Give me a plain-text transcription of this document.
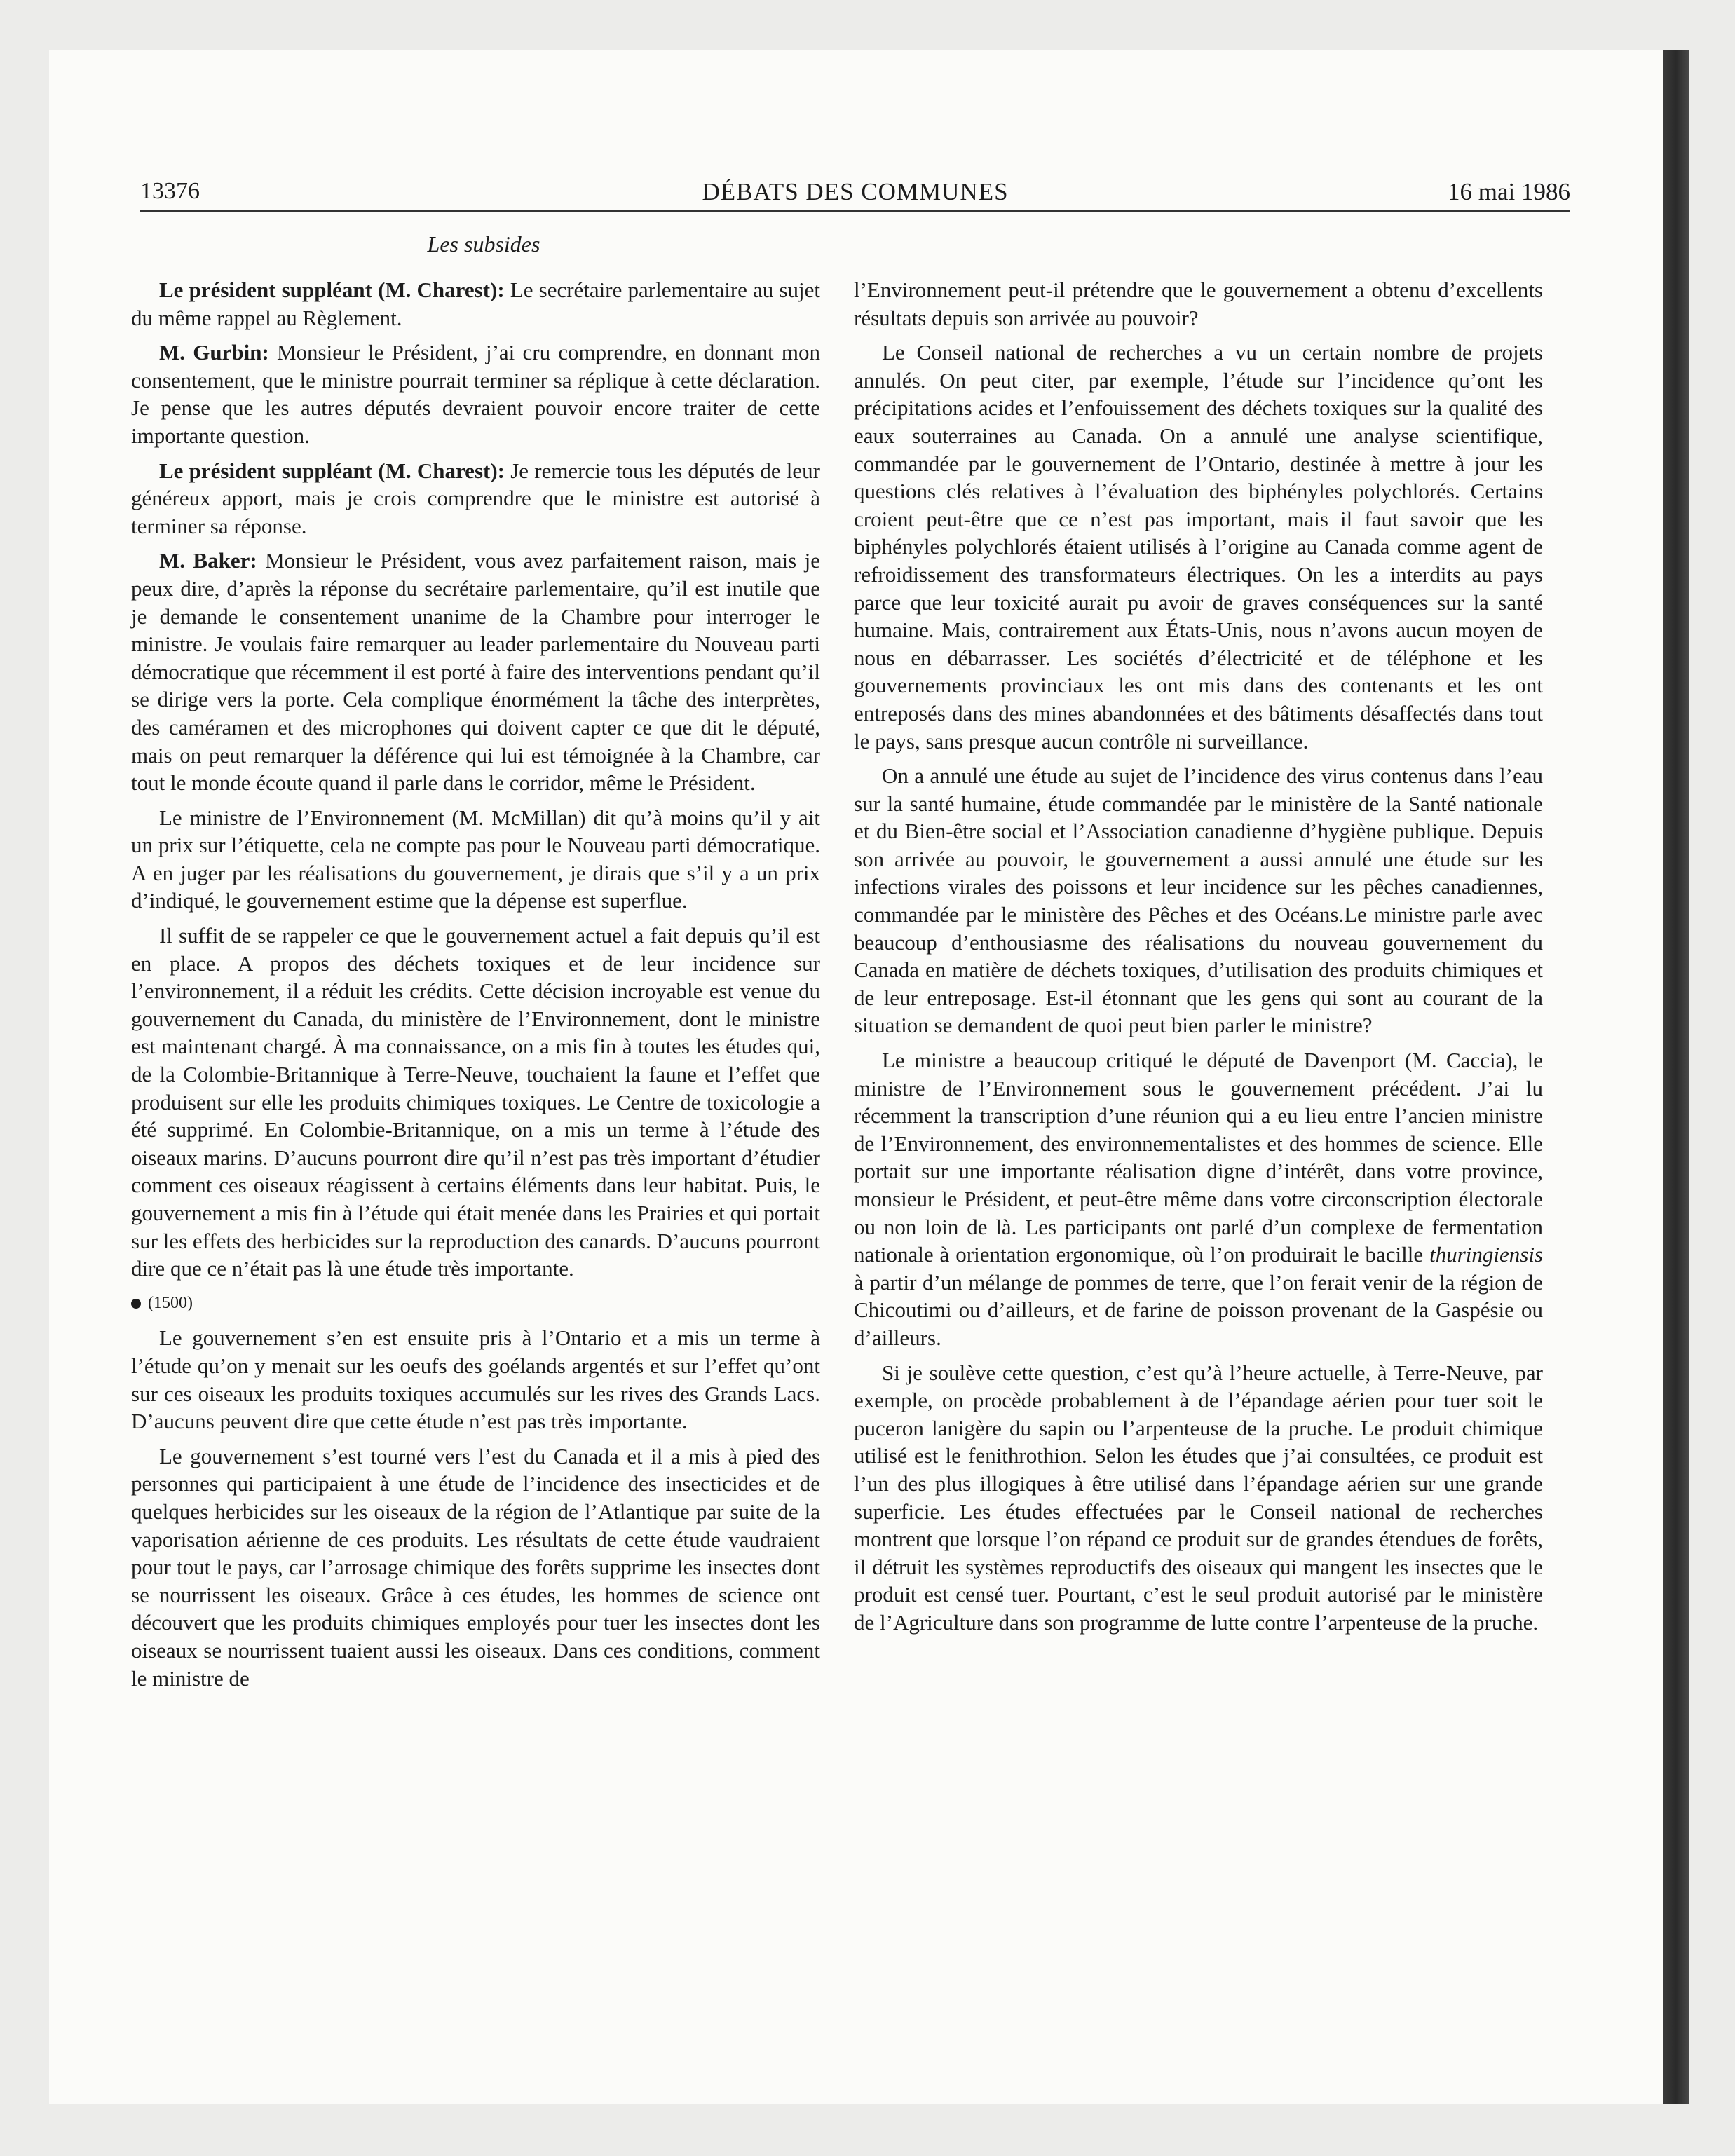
13376	DÉBATS DES COMMUNES	16 mai 1986
Les subsides

Le président suppléant (M. Charest): Le secrétaire parlementaire au sujet du même rappel au Règlement.

M. Gurbin: Monsieur le Président, j’ai cru comprendre, en donnant mon consentement, que le ministre pourrait terminer sa réplique à cette déclaration. Je pense que les autres députés devraient pouvoir encore traiter de cette importante question.

Le président suppléant (M. Charest): Je remercie tous les députés de leur généreux apport, mais je crois comprendre que le ministre est autorisé à terminer sa réponse.

M. Baker: Monsieur le Président, vous avez parfaitement raison, mais je peux dire, d’après la réponse du secrétaire parlementaire, qu’il est inutile que je demande le consentement unanime de la Chambre pour interroger le ministre. Je voulais faire remarquer au leader parlementaire du Nouveau parti démocratique que récemment il est porté à faire des interventions pendant qu’il se dirige vers la porte. Cela complique énormément la tâche des interprètes, des caméramen et des microphones qui doivent capter ce que dit le député, mais on peut remarquer la déférence qui lui est témoignée à la Chambre, car tout le monde écoute quand il parle dans le corridor, même le Président.

Le ministre de l’Environnement (M. McMillan) dit qu’à moins qu’il y ait un prix sur l’étiquette, cela ne compte pas pour le Nouveau parti démocratique. A en juger par les réalisations du gouvernement, je dirais que s’il y a un prix d’indiqué, le gouvernement estime que la dépense est superflue.

Il suffit de se rappeler ce que le gouvernement actuel a fait depuis qu’il est en place. A propos des déchets toxiques et de leur incidence sur l’environnement, il a réduit les crédits. Cette décision incroyable est venue du gouvernement du Canada, du ministère de l’Environnement, dont le ministre est maintenant chargé. À ma connaissance, on a mis fin à toutes les études qui, de la Colombie-Britannique à Terre-Neuve, touchaient la faune et l’effet que produisent sur elle les produits chimiques toxiques. Le Centre de toxicologie a été supprimé. En Colombie-Britannique, on a mis un terme à l’étude des oiseaux marins. D’aucuns pourront dire qu’il n’est pas très important d’étudier comment ces oiseaux réagissent à certains éléments dans leur habitat. Puis, le gouvernement a mis fin à l’étude qui était menée dans les Prairies et qui portait sur les effets des herbicides sur la reproduction des canards. D’aucuns pourront dire que ce n’était pas là une étude très importante.

(1500)

Le gouvernement s’en est ensuite pris à l’Ontario et a mis un terme à l’étude qu’on y menait sur les oeufs des goélands argentés et sur l’effet qu’ont sur ces oiseaux les produits toxiques accumulés sur les rives des Grands Lacs. D’aucuns peuvent dire que cette étude n’est pas très importante.

Le gouvernement s’est tourné vers l’est du Canada et il a mis à pied des personnes qui participaient à une étude de l’incidence des insecticides et de quelques herbicides sur les oiseaux de la région de l’Atlantique par suite de la vaporisation aérienne de ces produits. Les résultats de cette étude vaudraient pour tout le pays, car l’arrosage chimique des forêts supprime les insectes dont se nourrissent les oiseaux. Grâce à ces études, les hommes de science ont découvert que les produits chimiques employés pour tuer les insectes dont les oiseaux se nourrissent tuaient aussi les oiseaux. Dans ces conditions, comment le ministre de

l’Environnement peut-il prétendre que le gouvernement a obtenu d’excellents résultats depuis son arrivée au pouvoir?

Le Conseil national de recherches a vu un certain nombre de projets annulés. On peut citer, par exemple, l’étude sur l’incidence qu’ont les précipitations acides et l’enfouissement des déchets toxiques sur la qualité des eaux souterraines au Canada. On a annulé une analyse scientifique, commandée par le gouvernement de l’Ontario, destinée à mettre à jour les questions clés relatives à l’évaluation des biphényles polychlorés. Certains croient peut-être que ce n’est pas important, mais il faut savoir que les biphényles polychlorés étaient utilisés à l’origine au Canada comme agent de refroidissement des transformateurs électriques. On les a interdits au pays parce que leur toxicité aurait pu avoir de graves conséquences sur la santé humaine. Mais, contrairement aux États-Unis, nous n’avons aucun moyen de nous en débarrasser. Les sociétés d’électricité et de téléphone et les gouvernements provinciaux les ont mis dans des contenants et les ont entreposés dans des mines abandonnées et des bâtiments désaffectés dans tout le pays, sans presque aucun contrôle ni surveillance.

On a annulé une étude au sujet de l’incidence des virus contenus dans l’eau sur la santé humaine, étude commandée par le ministère de la Santé nationale et du Bien-être social et l’Association canadienne d’hygiène publique. Depuis son arrivée au pouvoir, le gouvernement a aussi annulé une étude sur les infections virales des poissons et leur incidence sur les pêches canadiennes, commandée par le ministère des Pêches et des Océans.Le ministre parle avec beaucoup d’enthousiasme des réalisations du nouveau gouvernement du Canada en matière de déchets toxiques, d’utilisation des produits chimiques et de leur entreposage. Est-il étonnant que les gens qui sont au courant de la situation se demandent de quoi peut bien parler le ministre?

Le ministre a beaucoup critiqué le député de Davenport (M. Caccia), le ministre de l’Environnement sous le gouvernement précédent. J’ai lu récemment la transcription d’une réunion qui a eu lieu entre l’ancien ministre de l’Environnement, des environnementalistes et des hommes de science. Elle portait sur une importante réalisation digne d’intérêt, dans votre province, monsieur le Président, et peut-être même dans votre circonscription électorale ou non loin de là. Les participants ont parlé d’un complexe de fermentation nationale à orientation ergonomique, où l’on produirait le bacille thuringiensis à partir d’un mélange de pommes de terre, que l’on ferait venir de la région de Chicoutimi ou d’ailleurs, et de farine de poisson provenant de la Gaspésie ou d’ailleurs.

Si je soulève cette question, c’est qu’à l’heure actuelle, à Terre-Neuve, par exemple, on procède probablement à de l’épandage aérien pour tuer soit le puceron lanigère du sapin ou l’arpenteuse de la pruche. Le produit chimique utilisé est le fenithrothion. Selon les études que j’ai consultées, ce produit est l’un des plus illogiques à être utilisé dans l’épandage aérien sur une grande superficie. Les études effectuées par le Conseil national de recherches montrent que lorsque l’on répand ce produit sur de grandes étendues de forêts, il détruit les systèmes reproductifs des oiseaux qui mangent les insectes que le produit est censé tuer. Pourtant, c’est le seul produit autorisé par le ministère de l’Agriculture dans son programme de lutte contre l’arpenteuse de la pruche.
